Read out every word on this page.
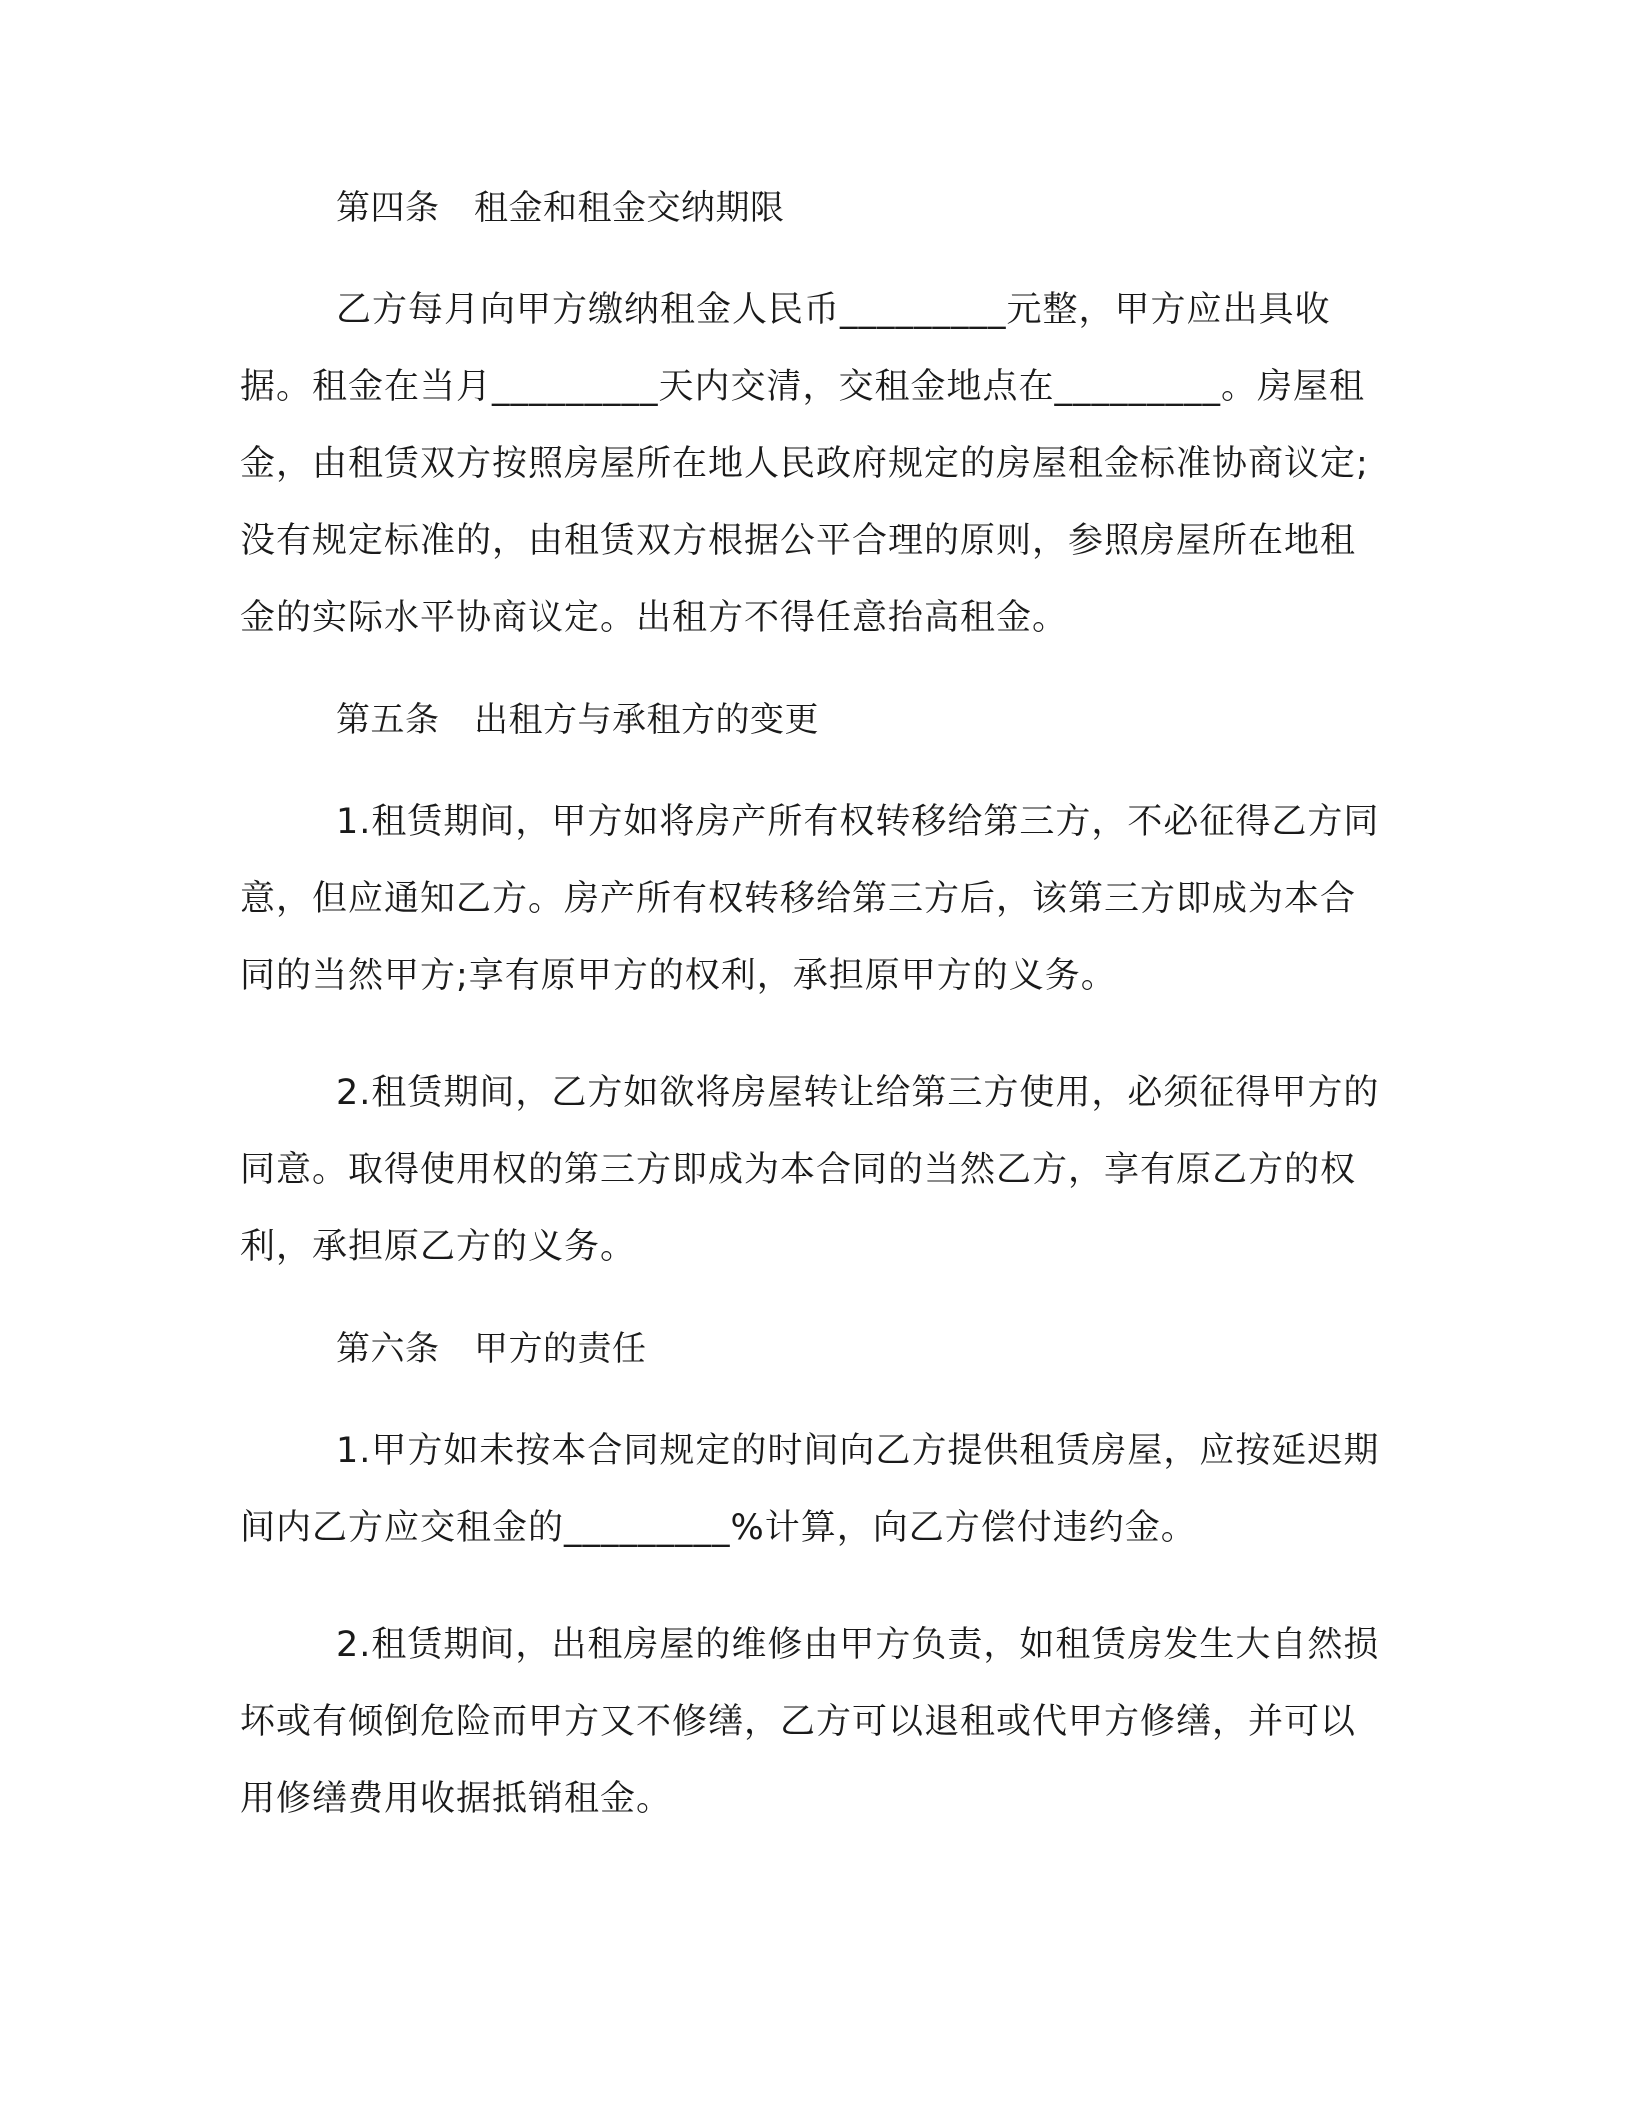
第四条　租金和租金交纳期限

乙方每月向甲方缴纳租金人民币_________元整，甲方应出具收据。租金在当月_________天内交清，交租金地点在_________。房屋租金，由租赁双方按照房屋所在地人民政府规定的房屋租金标准协商议定;没有规定标准的，由租赁双方根据公平合理的原则，参照房屋所在地租金的实际水平协商议定。出租方不得任意抬高租金。

第五条　出租方与承租方的变更

1.租赁期间，甲方如将房产所有权转移给第三方，不必征得乙方同意，但应通知乙方。房产所有权转移给第三方后，该第三方即成为本合同的当然甲方;享有原甲方的权利，承担原甲方的义务。

2.租赁期间，乙方如欲将房屋转让给第三方使用，必须征得甲方的同意。取得使用权的第三方即成为本合同的当然乙方，享有原乙方的权利，承担原乙方的义务。

第六条　甲方的责任

1.甲方如未按本合同规定的时间向乙方提供租赁房屋，应按延迟期间内乙方应交租金的_________%计算，向乙方偿付违约金。

2.租赁期间，出租房屋的维修由甲方负责，如租赁房发生大自然损坏或有倾倒危险而甲方又不修缮，乙方可以退租或代甲方修缮，并可以用修缮费用收据抵销租金。
